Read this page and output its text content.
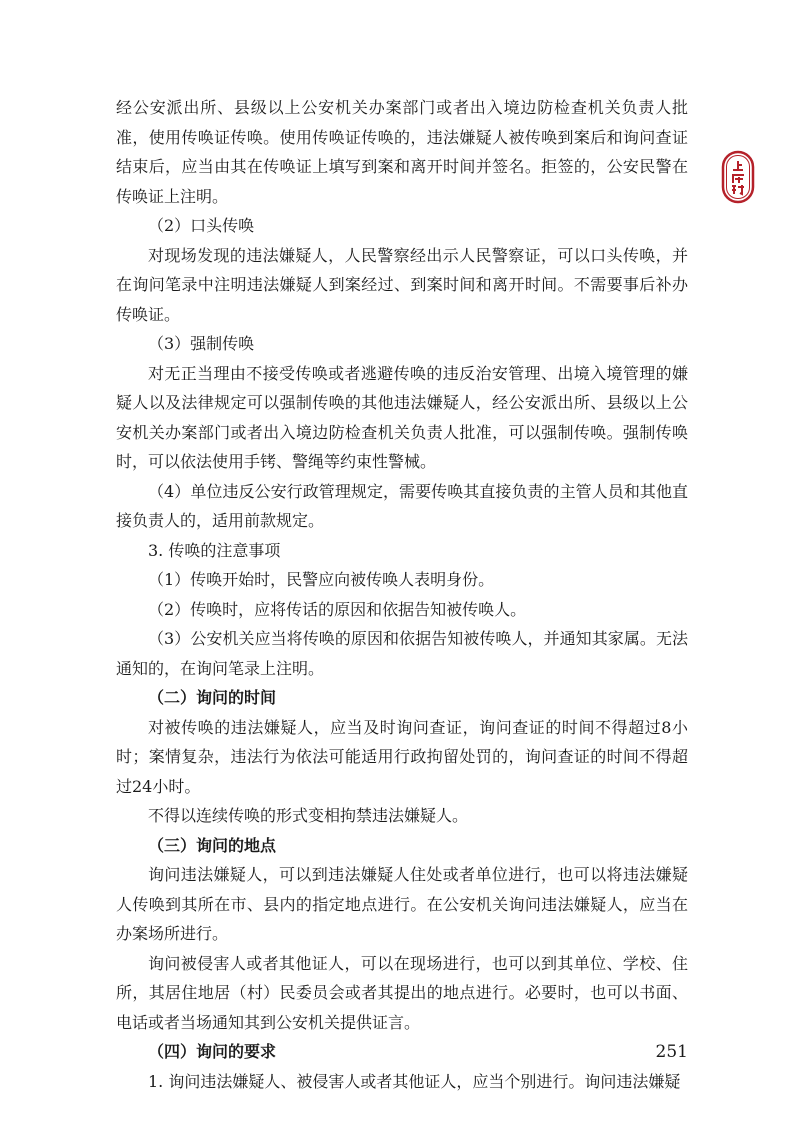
经公安派出所、县级以上公安机关办案部门或者出入境边防检查机关负责人批准，使用传唤证传唤。使用传唤证传唤的，违法嫌疑人被传唤到案后和询问查证结束后，应当由其在传唤证上填写到案和离开时间并签名。拒签的，公安民警在传唤证上注明。

（2）口头传唤

对现场发现的违法嫌疑人，人民警察经出示人民警察证，可以口头传唤，并在询问笔录中注明违法嫌疑人到案经过、到案时间和离开时间。不需要事后补办传唤证。

（3）强制传唤

对无正当理由不接受传唤或者逃避传唤的违反治安管理、出境入境管理的嫌疑人以及法律规定可以强制传唤的其他违法嫌疑人，经公安派出所、县级以上公安机关办案部门或者出入境边防检查机关负责人批准，可以强制传唤。强制传唤时，可以依法使用手铐、警绳等约束性警械。

（4）单位违反公安行政管理规定，需要传唤其直接负责的主管人员和其他直接负责人的，适用前款规定。

3. 传唤的注意事项

（1）传唤开始时，民警应向被传唤人表明身份。

（2）传唤时，应将传话的原因和依据告知被传唤人。

（3）公安机关应当将传唤的原因和依据告知被传唤人，并通知其家属。无法通知的，在询问笔录上注明。

（二）询问的时间

对被传唤的违法嫌疑人，应当及时询问查证，询问查证的时间不得超过8小时；案情复杂，违法行为依法可能适用行政拘留处罚的，询问查证的时间不得超过24小时。

不得以连续传唤的形式变相拘禁违法嫌疑人。

（三）询问的地点

询问违法嫌疑人，可以到违法嫌疑人住处或者单位进行，也可以将违法嫌疑人传唤到其所在市、县内的指定地点进行。在公安机关询问违法嫌疑人，应当在办案场所进行。

询问被侵害人或者其他证人，可以在现场进行，也可以到其单位、学校、住所，其居住地居（村）民委员会或者其提出的地点进行。必要时，也可以书面、电话或者当场通知其到公安机关提供证言。

（四）询问的要求

1. 询问违法嫌疑人、被侵害人或者其他证人，应当个别进行。询问违法嫌疑

251
